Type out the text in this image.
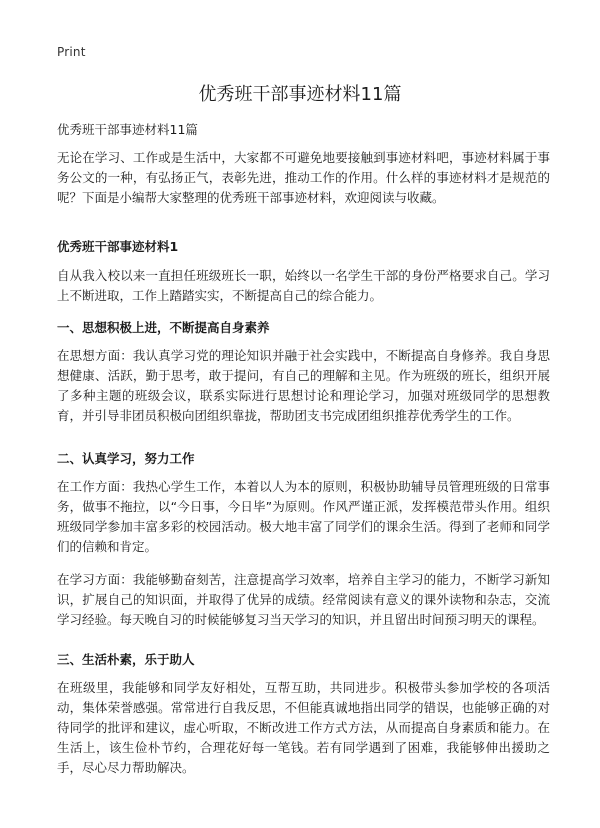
Print
优秀班干部事迹材料11篇

优秀班干部事迹材料11篇

无论在学习、工作或是生活中，大家都不可避免地要接触到事迹材料吧，事迹材料属于事务公文的一种，有弘扬正气，表彰先进，推动工作的作用。什么样的事迹材料才是规范的呢？下面是小编帮大家整理的优秀班干部事迹材料，欢迎阅读与收藏。

优秀班干部事迹材料1

自从我入校以来一直担任班级班长一职，始终以一名学生干部的身份严格要求自己。学习上不断进取，工作上踏踏实实，不断提高自己的综合能力。

一、思想积极上进，不断提高自身素养

在思想方面：我认真学习党的理论知识并融于社会实践中，不断提高自身修养。我自身思想健康、活跃，勤于思考，敢于提问，有自己的理解和主见。作为班级的班长，组织开展了多种主题的班级会议，联系实际进行思想讨论和理论学习，加强对班级同学的思想教育，并引导非团员积极向团组织靠拢，帮助团支书完成团组织推荐优秀学生的工作。

二、认真学习，努力工作

在工作方面：我热心学生工作，本着以人为本的原则，积极协助辅导员管理班级的日常事务，做事不拖拉，以“今日事，今日毕”为原则。作风严谨正派，发挥模范带头作用。组织班级同学参加丰富多彩的校园活动。极大地丰富了同学们的课余生活。得到了老师和同学们的信赖和肯定。

在学习方面：我能够勤奋刻苦，注意提高学习效率，培养自主学习的能力，不断学习新知识，扩展自己的知识面，并取得了优异的成绩。经常阅读有意义的课外读物和杂志，交流学习经验。每天晚自习的时候能够复习当天学习的知识，并且留出时间预习明天的课程。

三、生活朴素，乐于助人

在班级里，我能够和同学友好相处，互帮互助，共同进步。积极带头参加学校的各项活动，集体荣誉感强。常常进行自我反思，不但能真诚地指出同学的错误，也能够正确的对待同学的批评和建议，虚心听取，不断改进工作方式方法，从而提高自身素质和能力。在生活上，该生俭朴节约，合理花好每一笔钱。若有同学遇到了困难，我能够伸出援助之手，尽心尽力帮助解决。
